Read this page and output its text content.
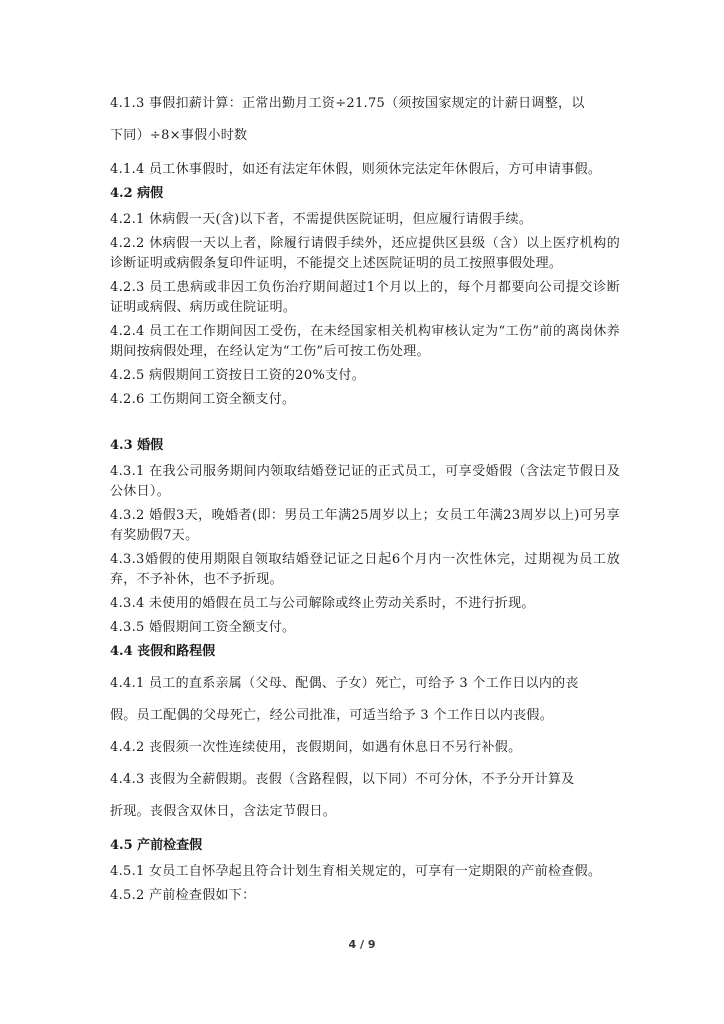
4.1.3 事假扣薪计算：正常出勤月工资÷21.75（须按国家规定的计薪日调整，以

下同）÷8×事假小时数

4.1.4 员工休事假时，如还有法定年休假，则须休完法定年休假后，方可申请事假。

4.2 病假

4.2.1 休病假一天(含)以下者，不需提供医院证明，但应履行请假手续。

4.2.2 休病假一天以上者，除履行请假手续外，还应提供区县级（含）以上医疗机构的诊断证明或病假条复印件证明，不能提交上述医院证明的员工按照事假处理。

4.2.3 员工患病或非因工负伤治疗期间超过1个月以上的，每个月都要向公司提交诊断证明或病假、病历或住院证明。

4.2.4 员工在工作期间因工受伤，在未经国家相关机构审核认定为“工伤”前的离岗休养期间按病假处理，在经认定为“工伤”后可按工伤处理。

4.2.5 病假期间工资按日工资的20%支付。

4.2.6 工伤期间工资全额支付。

4.3 婚假

4.3.1 在我公司服务期间内领取结婚登记证的正式员工，可享受婚假（含法定节假日及公休日）。

4.3.2 婚假3天，晚婚者(即：男员工年满25周岁以上；女员工年满23周岁以上)可另享有奖励假7天。

4.3.3婚假的使用期限自领取结婚登记证之日起6个月内一次性休完，过期视为员工放弃，不予补休，也不予折现。

4.3.4 未使用的婚假在员工与公司解除或终止劳动关系时，不进行折现。

4.3.5 婚假期间工资全额支付。

4.4 丧假和路程假

4.4.1 员工的直系亲属（父母、配偶、子女）死亡，可给予 3 个工作日以内的丧

假。员工配偶的父母死亡，经公司批准，可适当给予 3 个工作日以内丧假。

4.4.2 丧假须一次性连续使用，丧假期间，如遇有休息日不另行补假。

4.4.3 丧假为全薪假期。丧假（含路程假，以下同）不可分休，不予分开计算及

折现。丧假含双休日，含法定节假日。

4.5 产前检查假

4.5.1 女员工自怀孕起且符合计划生育相关规定的，可享有一定期限的产前检查假。

4.5.2 产前检查假如下：

4 / 9
